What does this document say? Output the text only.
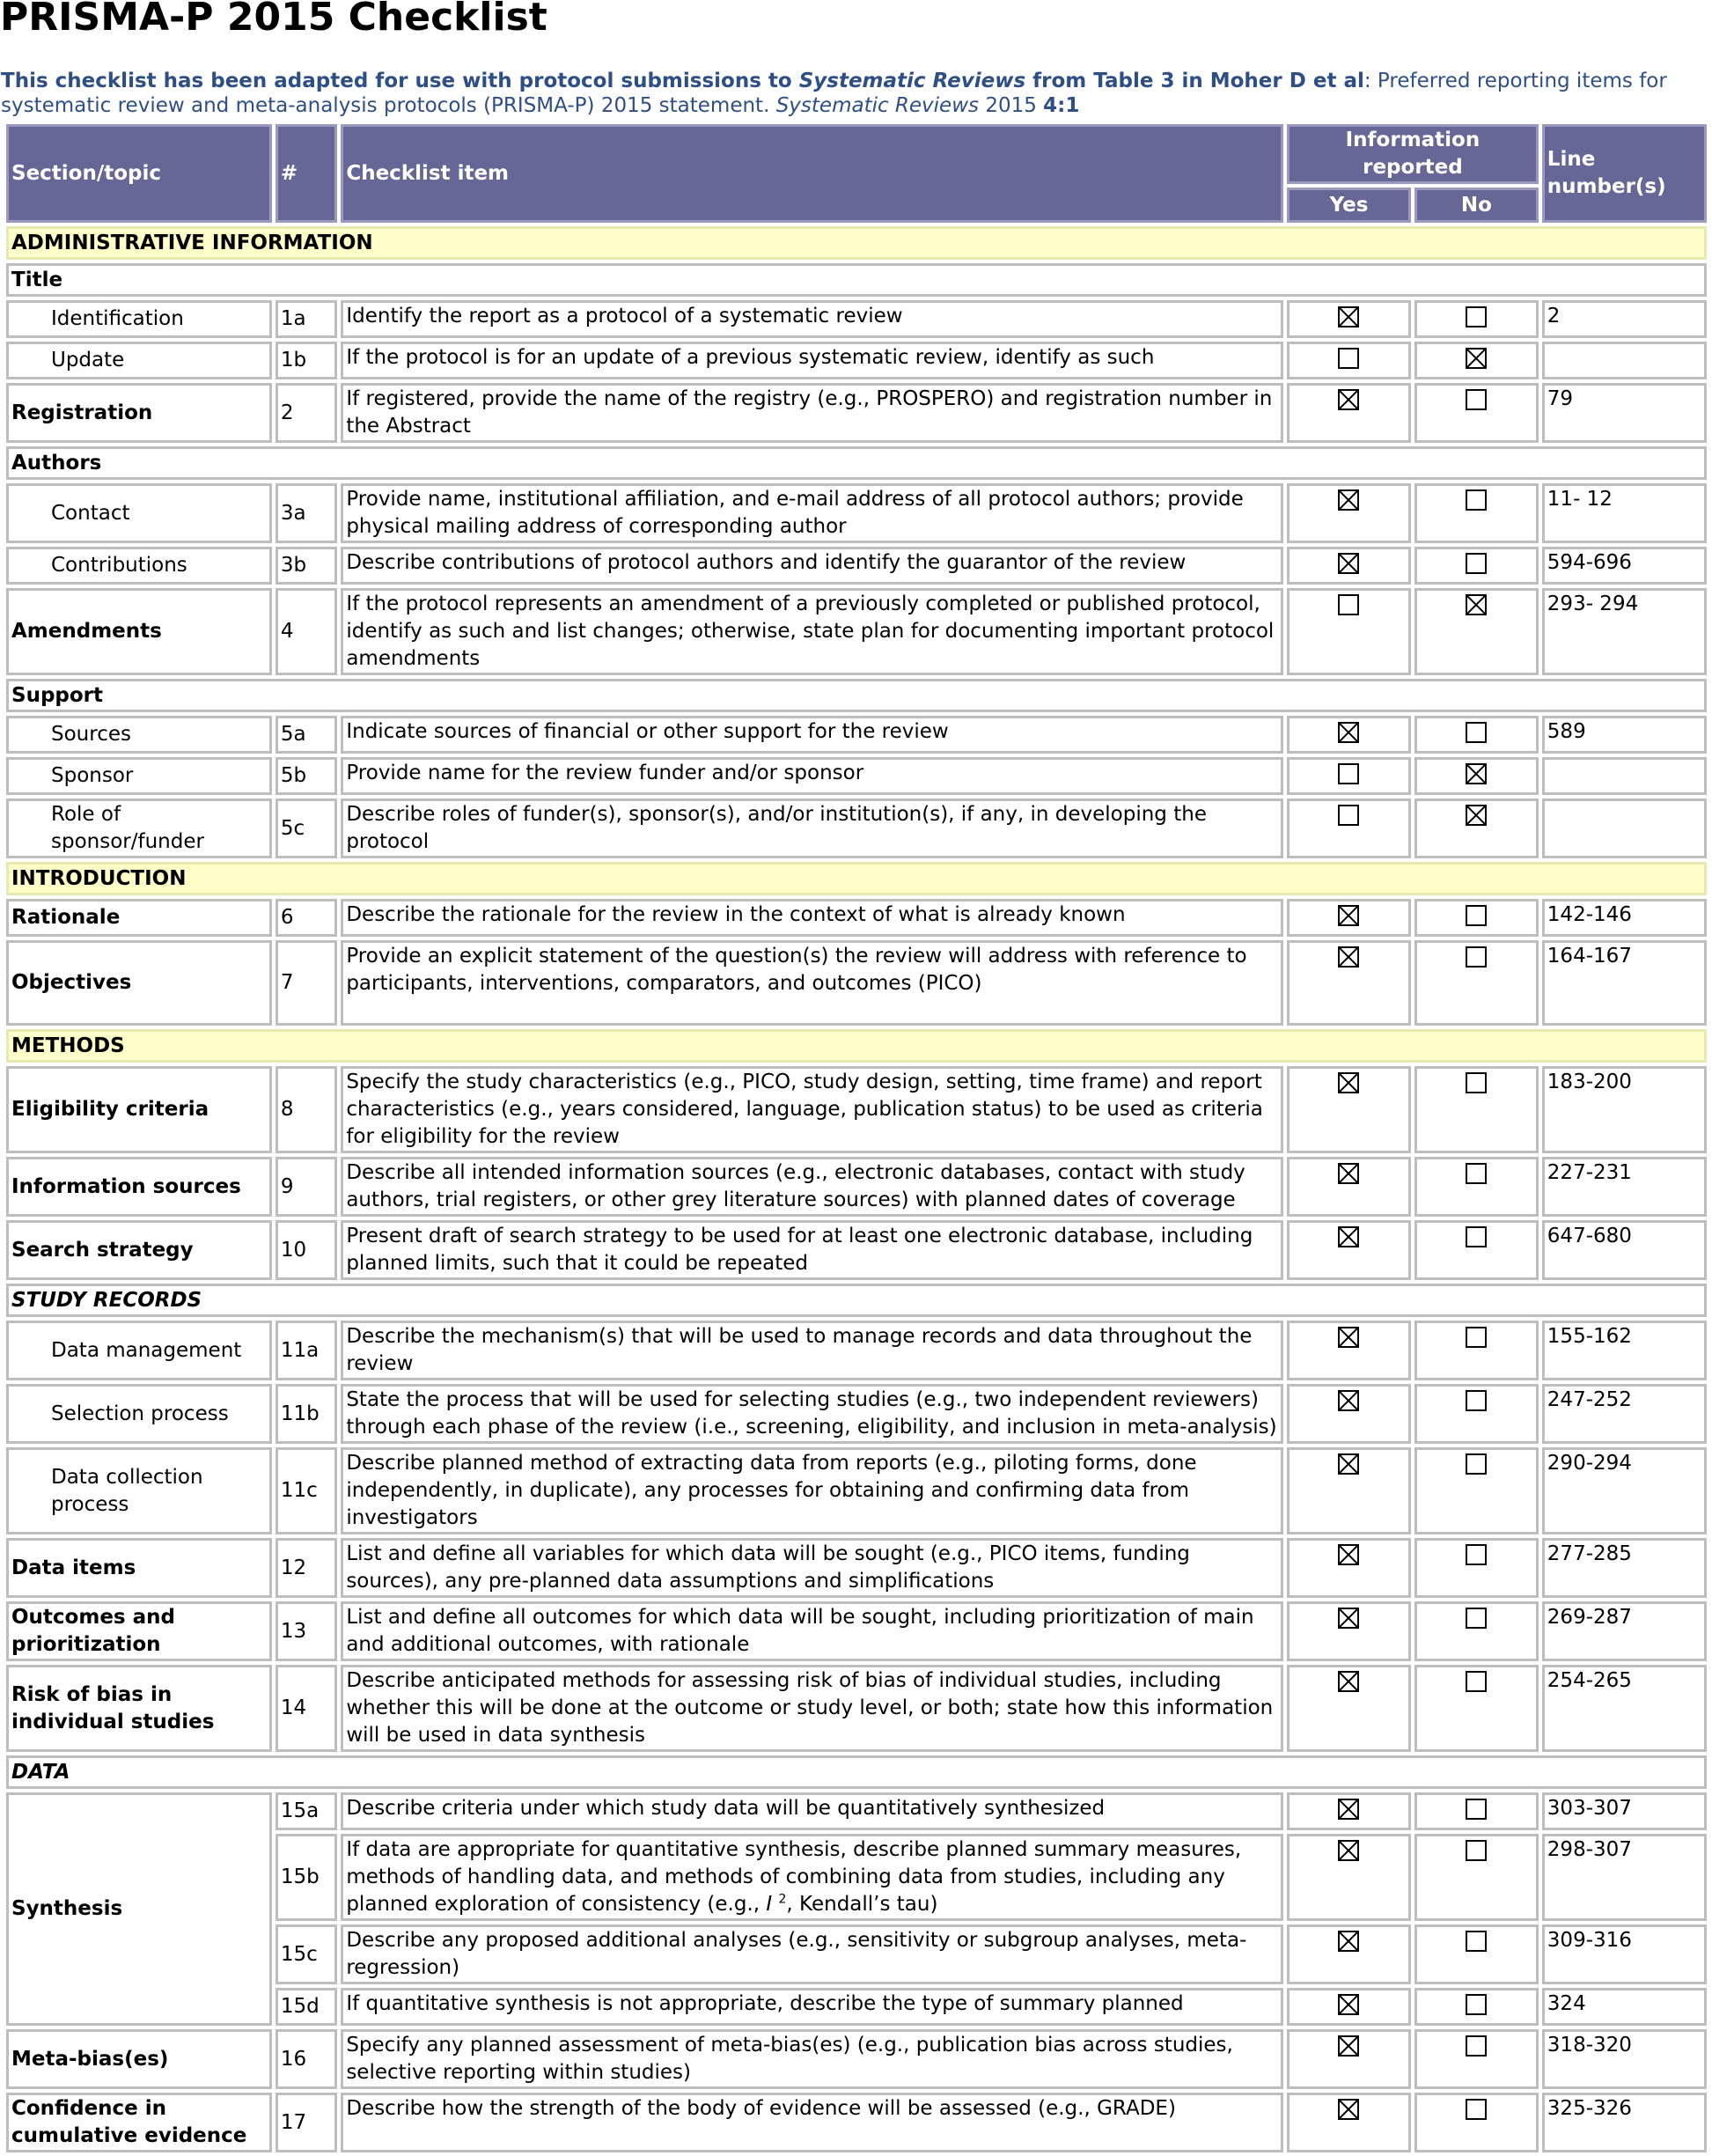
PRISMA-P 2015 Checklist
This checklist has been adapted for use with protocol submissions to Systematic Reviews from Table 3 in Moher D et al: Preferred reporting items for systematic review and meta-analysis protocols (PRISMA-P) 2015 statement. Systematic Reviews 2015 4:1
Section/topic	#	Checklist item	Information reported		Line number(s)
			Yes	No	
ADMINISTRATIVE INFORMATION					
Title					
Identification	1a	Identify the report as a protocol of a systematic review			2
Update	1b	If the protocol is for an update of a previous systematic review, identify as such			
Registration	2	If registered, provide the name of the registry (e.g., PROSPERO) and registration number in the Abstract			79
Authors					
Contact	3a	Provide name, institutional affiliation, and e-mail address of all protocol authors; provide physical mailing address of corresponding author			11- 12
Contributions	3b	Describe contributions of protocol authors and identify the guarantor of the review			594-696
Amendments	4	If the protocol represents an amendment of a previously completed or published protocol, identify as such and list changes; otherwise, state plan for documenting important protocol amendments			293- 294
Support					
Sources	5a	Indicate sources of financial or other support for the review			589
Sponsor	5b	Provide name for the review funder and/or sponsor			
Role of sponsor/funder	5c	Describe roles of funder(s), sponsor(s), and/or institution(s), if any, in developing the protocol			
INTRODUCTION					
Rationale	6	Describe the rationale for the review in the context of what is already known			142-146
Objectives	7	Provide an explicit statement of the question(s) the review will address with reference to participants, interventions, comparators, and outcomes (PICO)			164-167
METHODS					
Eligibility criteria	8	Specify the study characteristics (e.g., PICO, study design, setting, time frame) and report characteristics (e.g., years considered, language, publication status) to be used as criteria for eligibility for the review			183-200
Information sources	9	Describe all intended information sources (e.g., electronic databases, contact with study authors, trial registers, or other grey literature sources) with planned dates of coverage			227-231
Search strategy	10	Present draft of search strategy to be used for at least one electronic database, including planned limits, such that it could be repeated			647-680
STUDY RECORDS					
Data management	11a	Describe the mechanism(s) that will be used to manage records and data throughout the review			155-162
Selection process	11b	State the process that will be used for selecting studies (e.g., two independent reviewers) through each phase of the review (i.e., screening, eligibility, and inclusion in meta-analysis)			247-252
Data collection process	11c	Describe planned method of extracting data from reports (e.g., piloting forms, done independently, in duplicate), any processes for obtaining and confirming data from investigators			290-294
Data items	12	List and define all variables for which data will be sought (e.g., PICO items, funding sources), any pre-planned data assumptions and simplifications			277-285
Outcomes and prioritization	13	List and define all outcomes for which data will be sought, including prioritization of main and additional outcomes, with rationale			269-287
Risk of bias in individual studies	14	Describe anticipated methods for assessing risk of bias of individual studies, including whether this will be done at the outcome or study level, or both; state how this information will be used in data synthesis			254-265
DATA					
Synthesis	15a	Describe criteria under which study data will be quantitatively synthesized			303-307
	15b	If data are appropriate for quantitative synthesis, describe planned summary measures, methods of handling data, and methods of combining data from studies, including any planned exploration of consistency (e.g., I $^2$, Kendall’s tau)			298-307
	15c	Describe any proposed additional analyses (e.g., sensitivity or subgroup analyses, meta-regression)			309-316
	15d	If quantitative synthesis is not appropriate, describe the type of summary planned			324
Meta-bias(es)	16	Specify any planned assessment of meta-bias(es) (e.g., publication bias across studies, selective reporting within studies)			318-320
Confidence in cumulative evidence	17	Describe how the strength of the body of evidence will be assessed (e.g., GRADE)			325-326
